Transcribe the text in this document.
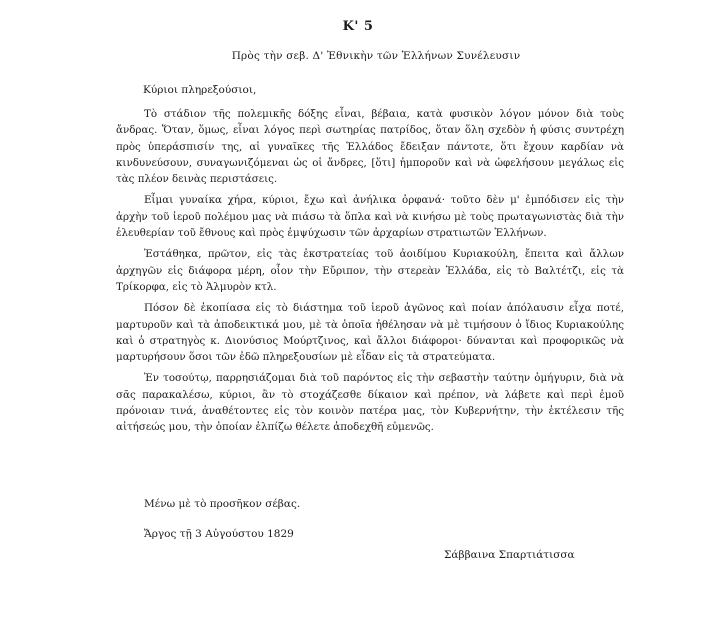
Κ' 5
Πρὸς τὴν σεβ. Δ' Ἐθνικὴν τῶν Ἑλλήνων Συνέλευσιν
Κύριοι πληρεξούσιοι,

Τὸ στάδιον τῆς πολεμικῆς δόξης εἶναι, βέβαια, κατὰ φυσικὸν λόγον μόνον διὰ τοὺς ἄνδρας. Ὅταν, ὅμως, εἶναι λόγος περὶ σωτηρίας πατρίδος, ὅταν ὅλη σχεδὸν ἡ φύσις συντρέχη πρὸς ὑπεράσπισίν της, αἱ γυναῖκες τῆς Ἑλλάδος ἔδειξαν πάντοτε, ὅτι ἔχουν καρδίαν νὰ κινδυνεύσουν, συναγωνιζόμεναι ὡς οἱ ἄνδρες, [ὅτι] ἠμποροῦν καὶ νὰ ὠφελήσουν μεγάλως εἰς τὰς πλέον δεινὰς περιστάσεις.

Εἶμαι γυναίκα χήρα, κύριοι, ἔχω καὶ ἀνήλικα ὀρφανά· τοῦτο δὲν μ' ἐμπόδισεν εἰς τὴν ἀρχὴν τοῦ ἱεροῦ πολέμου μας νὰ πιάσω τὰ ὅπλα καὶ νὰ κινήσω μὲ τοὺς πρωταγωνιστὰς διὰ τὴν ἐλευθερίαν τοῦ ἔθνους καὶ πρὸς ἐμψύχωσιν τῶν ἀρχαρίων στρατιωτῶν Ἑλλήνων.

Ἐστάθηκα, πρῶτον, εἰς τὰς ἐκστρατείας τοῦ ἀοιδίμου Κυριακούλη, ἔπειτα καὶ ἄλλων ἀρχηγῶν εἰς διάφορα μέρη, οἷον τὴν Εὔριπον, τὴν στερεὰν Ἑλλάδα, εἰς τὸ Βαλτέτζι, εἰς τὰ Τρίκορφα, εἰς τὸ Ἁλμυρὸν κτλ.

Πόσον δὲ ἐκοπίασα εἰς τὸ διάστημα τοῦ ἱεροῦ ἀγῶνος καὶ ποίαν ἀπόλαυσιν εἶχα ποτέ, μαρτυροῦν καὶ τὰ ἀποδεικτικά μου, μὲ τὰ ὁποῖα ἠθέλησαν νὰ μὲ τιμήσουν ὁ ἴδιος Κυριακούλης καὶ ὁ στρατηγὸς κ. Διονύσιος Μούρτζινος, καὶ ἄλλοι διάφοροι· δύνανται καὶ προφορικῶς νὰ μαρτυρήσουν ὅσοι τῶν ἐδῶ πληρεξουσίων μὲ εἶδαν εἰς τὰ στρατεύματα.

Ἐν τοσούτῳ, παρρησιάζομαι διὰ τοῦ παρόντος εἰς τὴν σεβαστὴν ταύτην ὁμήγυριν, διὰ νὰ σᾶς παρακαλέσω, κύριοι, ἂν τὸ στοχάζεσθε δίκαιον καὶ πρέπον, νὰ λάβετε καὶ περὶ ἐμοῦ πρόνοιαν τινά, ἀναθέτοντες εἰς τὸν κοινὸν πατέρα μας, τὸν Κυβερνήτην, τὴν ἐκτέλεσιν τῆς αἰτήσεώς μου, τὴν ὁποίαν ἐλπίζω θέλετε ἀποδεχθῆ εὐμενῶς.

Μένω μὲ τὸ προσῆκον σέβας.
Ἄργος τῇ 3 Αὐγούστου 1829
Σάββαινα Σπαρτιάτισσα
